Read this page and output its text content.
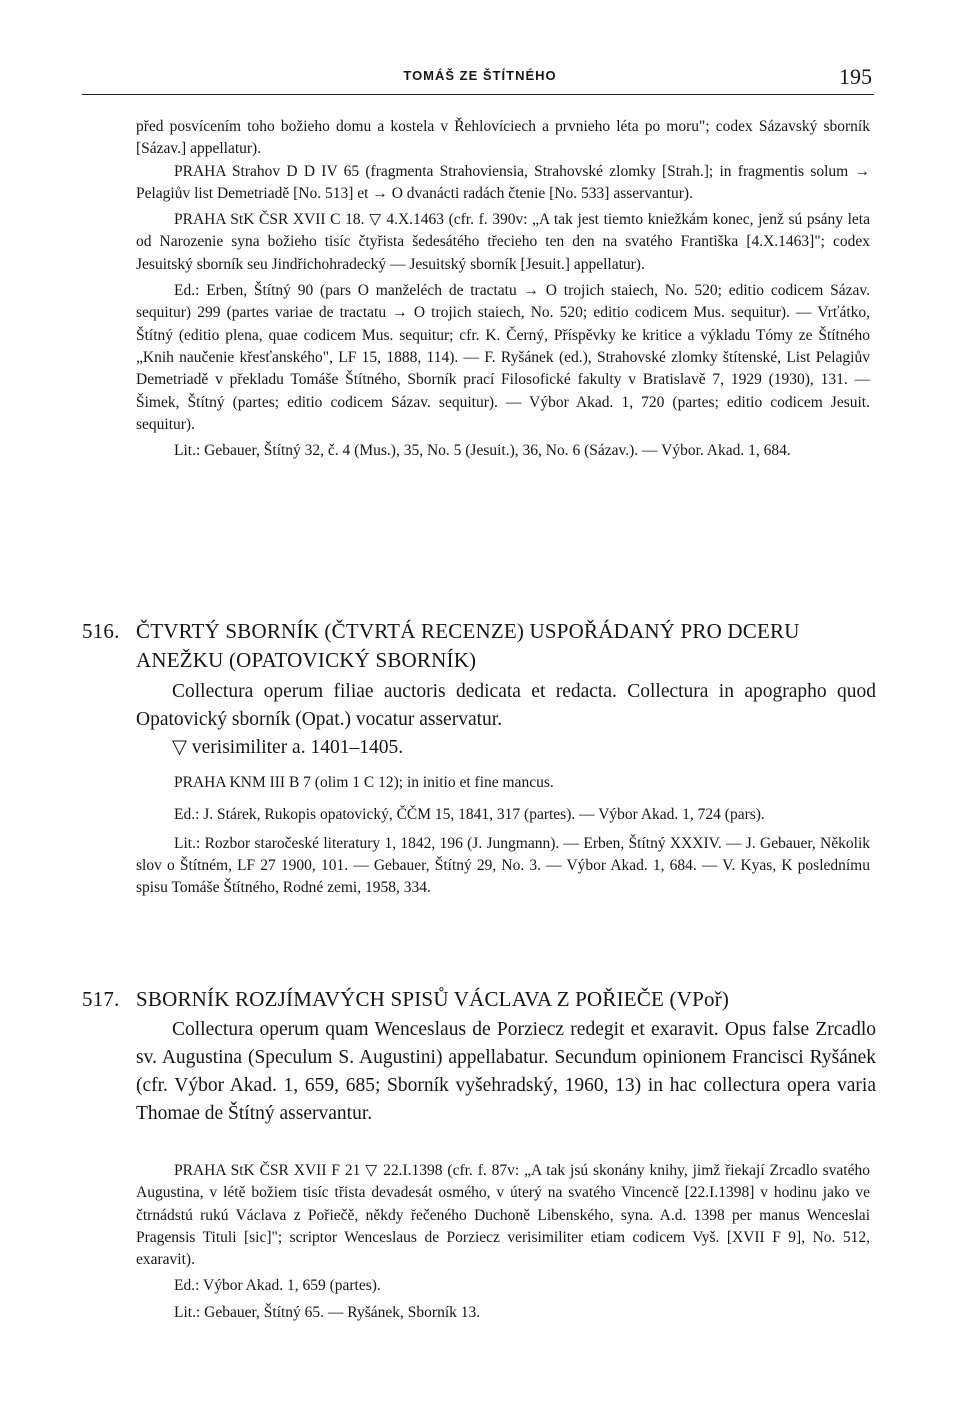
TOMÁŠ ZE ŠTÍTNÉHO	195

před posvícením toho božieho domu a kostela v Řehlovíciech a prvnieho léta po moru"; codex Sázavský sborník [Sázav.] appellatur).

PRAHA Strahov D D IV 65 (fragmenta Strahoviensia, Strahovské zlomky [Strah.]; in fragmentis solum → Pelagiův list Demetriadě [No. 513] et → O dvanácti radách čtenie [No. 533] asservantur).

PRAHA StK ČSR XVII C 18. ▽ 4.X.1463 (cfr. f. 390v: „A tak jest tiemto kniežkám konec, jenž sú psány leta od Narozenie syna božieho tisíc čtyřista šedesátého třecieho ten den na svatého Františka [4.X.1463]"; codex Jesuitský sborník seu Jindřichohradecký — Jesuitský sborník [Jesuit.] appellatur).

Ed.: Erben, Štítný 90 (pars O manželéch de tractatu → O trojich staiech, No. 520; editio codicem Sázav. sequitur) 299 (partes variae de tractatu → O trojich staiech, No. 520; editio codicem Mus. sequitur). — Vrťátko, Štítný (editio plena, quae codicem Mus. sequitur; cfr. K. Černý, Příspěvky ke kritice a výkladu Tómy ze Štítného „Knih naučenie křesťanského", LF 15, 1888, 114). — F. Ryšánek (ed.), Strahovské zlomky štítenské, List Pelagiův Demetriadě v překladu Tomáše Štítného, Sborník prací Filosofické fakulty v Bratislavě 7, 1929 (1930), 131. — Šimek, Štítný (partes; editio codicem Sázav. sequitur). — Výbor Akad. 1, 720 (partes; editio codicem Jesuit. sequitur).

Lit.: Gebauer, Štítný 32, č. 4 (Mus.), 35, No. 5 (Jesuit.), 36, No. 6 (Sázav.). — Výbor. Akad. 1, 684.

516. ČTVRTÝ SBORNÍK (ČTVRTÁ RECENZE) USPOŘÁDANÝ PRO DCERU ANEŽKU (OPATOVICKÝ SBORNÍK)

Collectura operum filiae auctoris dedicata et redacta. Collectura in apographo quod Opatovický sborník (Opat.) vocatur asservatur.

▽ verisimiliter a. 1401–1405.

PRAHA KNM III B 7 (olim 1 C 12); in initio et fine mancus.

Ed.: J. Stárek, Rukopis opatovický, ČČM 15, 1841, 317 (partes). — Výbor Akad. 1, 724 (pars).

Lit.: Rozbor staročeské literatury 1, 1842, 196 (J. Jungmann). — Erben, Štítný XXXIV. — J. Gebauer, Několik slov o Štítném, LF 27 1900, 101. — Gebauer, Štítný 29, No. 3. — Výbor Akad. 1, 684. — V. Kyas, K poslednímu spisu Tomáše Štítného, Rodné zemi, 1958, 334.

517. SBORNÍK ROZJÍMAVÝCH SPISŮ VÁCLAVA Z POŘIEČE (VPoř)

Collectura operum quam Wenceslaus de Porziecz redegit et exaravit. Opus false Zrcadlo sv. Augustina (Speculum S. Augustini) appellabatur. Secundum opinionem Francisci Ryšánek (cfr. Výbor Akad. 1, 659, 685; Sborník vyšehradský, 1960, 13) in hac collectura opera varia Thomae de Štítný asservantur.

PRAHA StK ČSR XVII F 21 ▽ 22.I.1398 (cfr. f. 87v: „A tak jsú skonány knihy, jimž řiekají Zrcadlo svatého Augustina, v létě božiem tisíc třista devadesát osmého, v úterý na svatého Vincencě [22.I.1398] v hodinu jako ve čtrnádstú rukú Václava z Pořiečě, někdy řečeného Duchoně Libenského, syna. A.d. 1398 per manus Wenceslai Pragensis Tituli [sic]"; scriptor Wenceslaus de Porziecz verisimiliter etiam codicem Vyš. [XVII F 9], No. 512, exaravit).

Ed.: Výbor Akad. 1, 659 (partes).

Lit.: Gebauer, Štítný 65. — Ryšánek, Sborník 13.
